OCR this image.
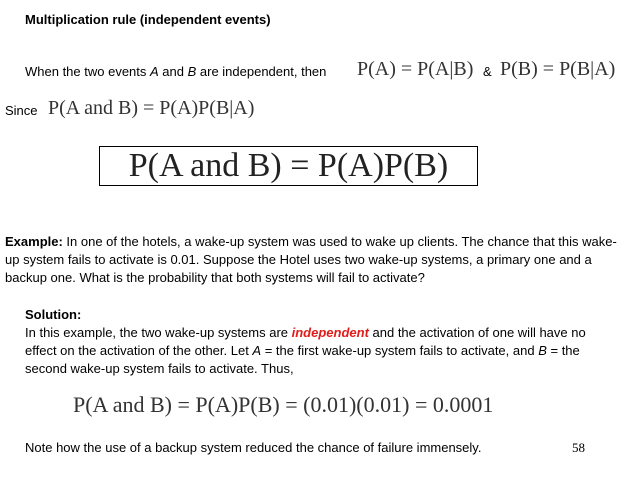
Multiplication rule (independent events)
When the two events A and B are independent, then P(A) = P(A|B) & P(B) = P(B|A)
Since P(A and B) = P(A)P(B|A)
P(A and B) = P(A)P(B)
Example: In one of the hotels, a wake-up system was used to wake up clients. The chance that this wake-up system fails to activate is 0.01. Suppose the Hotel uses two wake-up systems, a primary one and a backup one. What is the probability that both systems will fail to activate?
Solution:
In this example, the two wake-up systems are independent and the activation of one will have no effect on the activation of the other. Let A = the first wake-up system fails to activate, and B = the second wake-up system fails to activate. Thus,
P(A and B) = P(A)P(B) = (0.01)(0.01) = 0.0001
Note how the use of a backup system reduced the chance of failure immensely.	58
